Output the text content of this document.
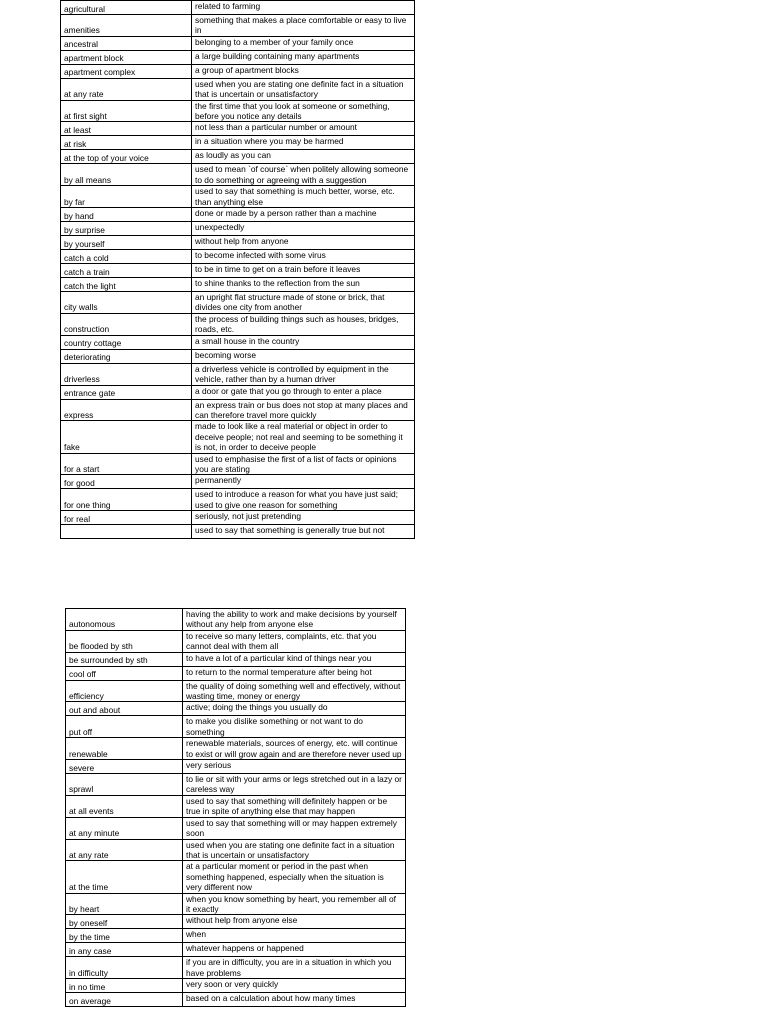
agricultural	related to farming
amenities	something that makes a place comfortable or easy to live in
ancestral	belonging to a member of your family once
apartment block	a large building containing many apartments
apartment complex	a group of apartment blocks
at any rate	used when you are stating one definite fact in a situation that is uncertain or unsatisfactory
at first sight	the first time that you look at someone or something, before you notice any details
at least	not less than a particular number or amount
at risk	in a situation where you may be harmed
at the top of your voice	as loudly as you can
by all means	used to mean `of course` when politely allowing someone to do something or agreeing with a suggestion
by far	used to say that something is much better, worse, etc. than anything else
by hand	done or made by a person rather than a machine
by surprise	unexpectedly
by yourself	without help from anyone
catch a cold	to become infected with some virus
catch a train	to be in time to get on a train before it leaves
catch the light	to shine thanks to the reflection from the sun
city walls	an upright flat structure made of stone or brick, that divides one city from another
construction	the process of building things such as houses, bridges, roads, etc.
country cottage	a small house in the country
deteriorating	becoming worse
driverless	a driverless vehicle is controlled by equipment in the vehicle, rather than by a human driver
entrance gate	a door or gate that you go through to enter a place
express	an express train or bus does not stop at many places and can therefore travel more quickly
fake	made to look like a real material or object in order to deceive people; not real and seeming to be something it is not, in order to deceive people
for a start	used to emphasise the first of a list of facts or opinions you are stating
for good	permanently
for one thing	used to introduce a reason for what you have just said; used to give one reason for something
for real	seriously, not just pretending
	used to say that something is generally true but not
autonomous	having the ability to work and make decisions by yourself without any help from anyone else
be flooded by sth	to receive so many letters, complaints, etc. that you cannot deal with them all
be surrounded by sth	to have a lot of a particular kind of things near you
cool off	to return to the normal temperature after being hot
efficiency	the quality of doing something well and effectively, without wasting time, money or energy
out and about	active; doing the things you usually do
put off	to make you dislike something or not want to do something
renewable	renewable materials, sources of energy, etc. will continue to exist or will grow again and are therefore never used up
severe	very serious
sprawl	to lie or sit with your arms or legs stretched out in a lazy or careless way
at all events	used to say that something will definitely happen or be true in spite of anything else that may happen
at any minute	used to say that something will or may happen extremely soon
at any rate	used when you are stating one definite fact in a situation that is uncertain or unsatisfactory
at the time	at a particular moment or period in the past when something happened, especially when the situation is very different now
by heart	when you know something by heart, you remember all of it exactly
by oneself	without help from anyone else
by the time	when
in any case	whatever happens or happened
in difficulty	if you are in difficulty, you are in a situation in which you have problems
in no time	very soon or very quickly
on average	based on a calculation about how many times
